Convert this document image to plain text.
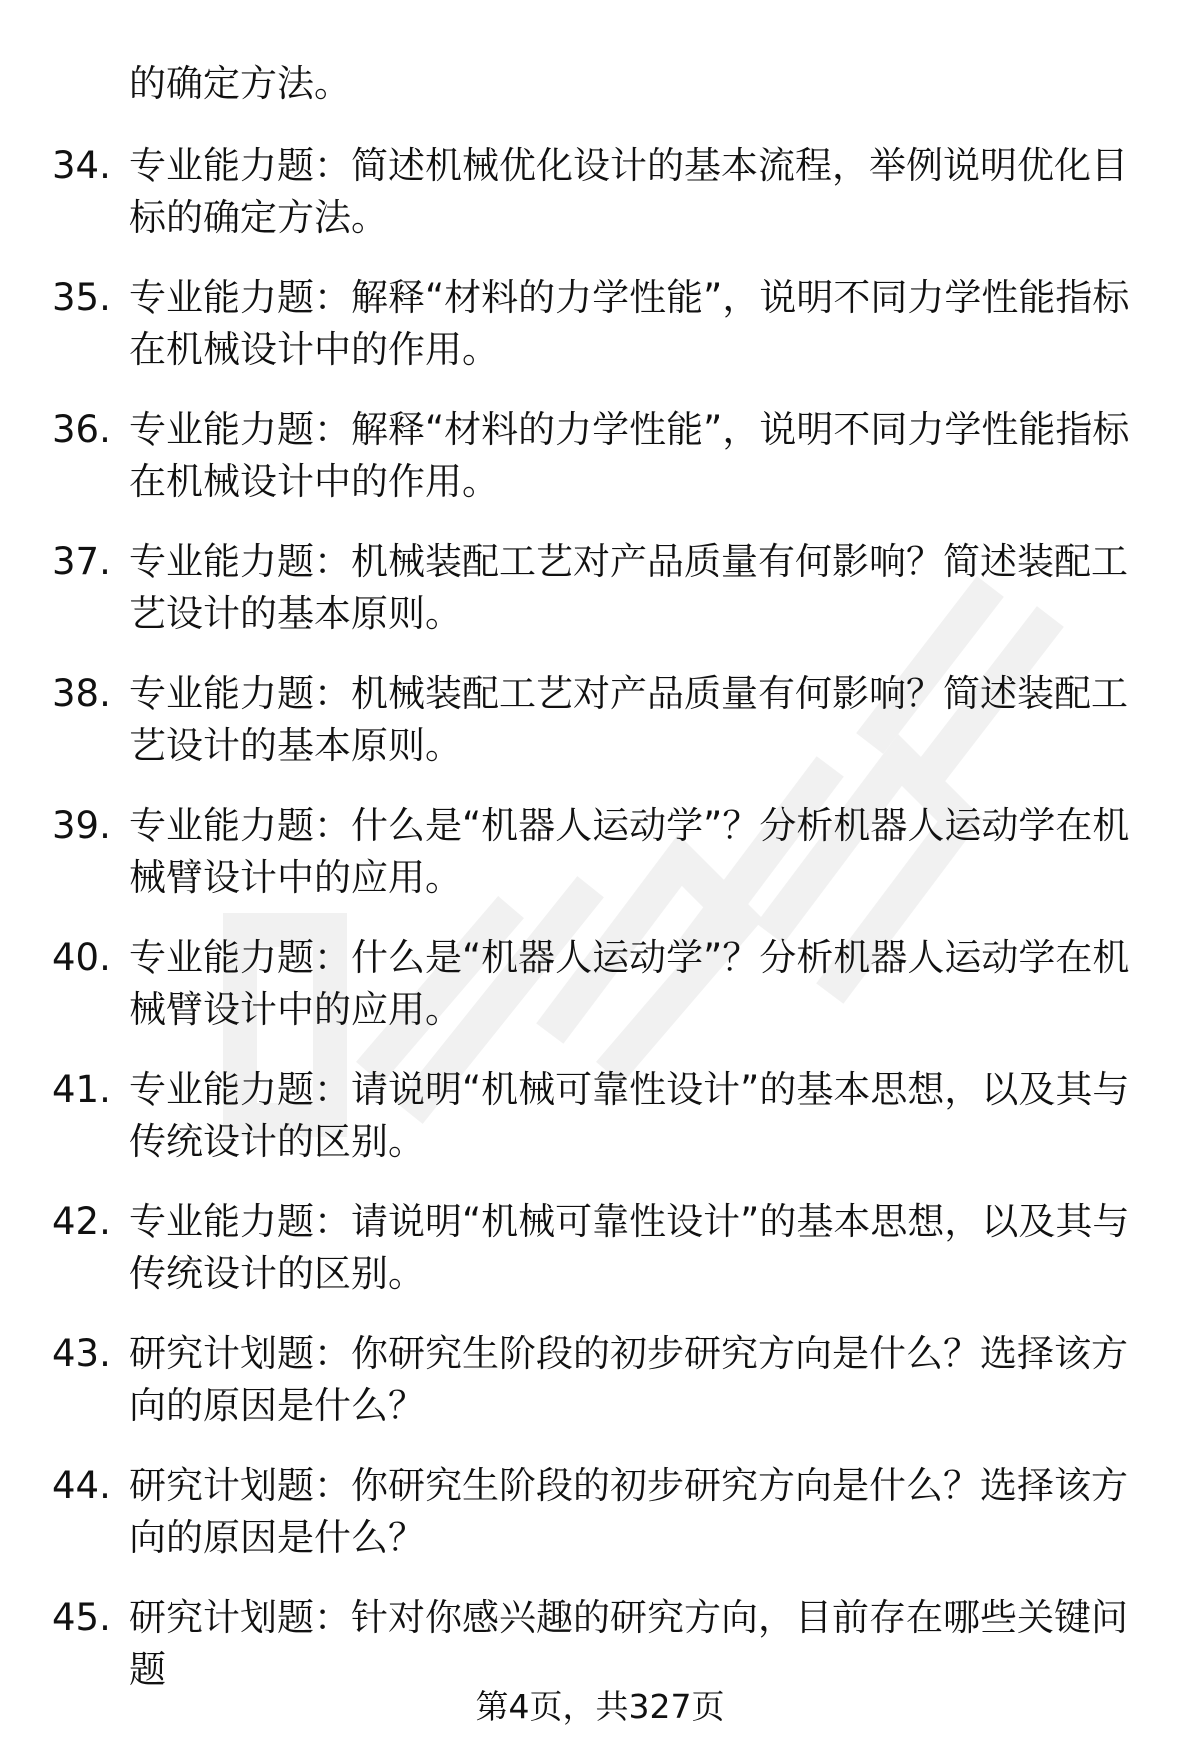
的确定方法。
34. 专业能力题：简述机械优化设计的基本流程，举例说明优化目标的确定方法。
35. 专业能力题：解释“材料的力学性能”，说明不同力学性能指标在机械设计中的作用。
36. 专业能力题：解释“材料的力学性能”，说明不同力学性能指标在机械设计中的作用。
37. 专业能力题：机械装配工艺对产品质量有何影响？简述装配工艺设计的基本原则。
38. 专业能力题：机械装配工艺对产品质量有何影响？简述装配工艺设计的基本原则。
39. 专业能力题：什么是“机器人运动学”？分析机器人运动学在机械臂设计中的应用。
40. 专业能力题：什么是“机器人运动学”？分析机器人运动学在机械臂设计中的应用。
41. 专业能力题：请说明“机械可靠性设计”的基本思想，以及其与传统设计的区别。
42. 专业能力题：请说明“机械可靠性设计”的基本思想，以及其与传统设计的区别。
43. 研究计划题：你研究生阶段的初步研究方向是什么？选择该方向的原因是什么？
44. 研究计划题：你研究生阶段的初步研究方向是什么？选择该方向的原因是什么？
45. 研究计划题：针对你感兴趣的研究方向，目前存在哪些关键问题
第4页，共327页
